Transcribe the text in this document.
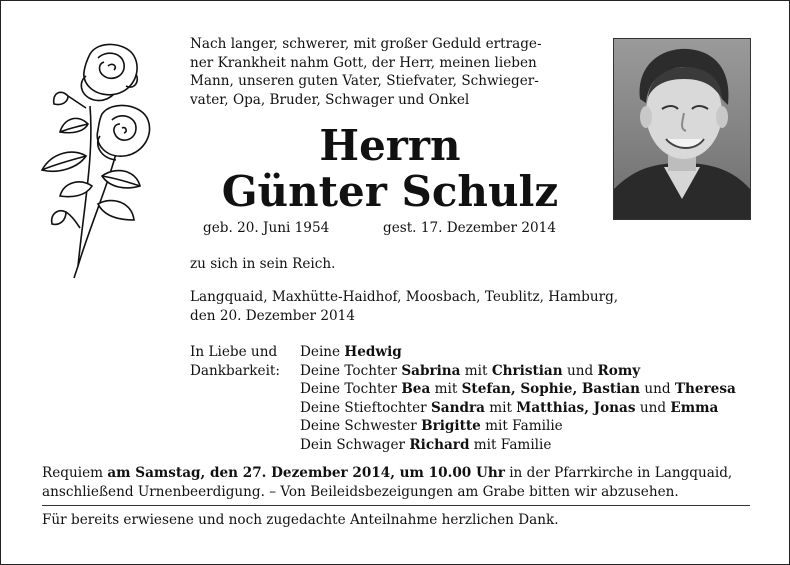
Nach langer, schwerer, mit großer Geduld ertrage-
ner Krankheit nahm Gott, der Herr, meinen lieben
Mann, unseren guten Vater, Stiefvater, Schwieger-
vater, Opa, Bruder, Schwager und Onkel
Herrn
Günter Schulz
geb. 20. Juni 1954	gest. 17. Dezember 2014
zu sich in sein Reich.
Langquaid, Maxhütte-Haidhof, Moosbach, Teublitz, Hamburg,
den 20. Dezember 2014
In Liebe und
Dankbarkeit:
Deine Hedwig
Deine Tochter Sabrina mit Christian und Romy
Deine Tochter Bea mit Stefan, Sophie, Bastian und Theresa
Deine Stieftochter Sandra mit Matthias, Jonas und Emma
Deine Schwester Brigitte mit Familie
Dein Schwager Richard mit Familie
Requiem am Samstag, den 27. Dezember 2014, um 10.00 Uhr in der Pfarrkirche in Langquaid,
anschließend Urnenbeerdigung. – Von Beileidsbezeigungen am Grabe bitten wir abzusehen.
Für bereits erwiesene und noch zugedachte Anteilnahme herzlichen Dank.
